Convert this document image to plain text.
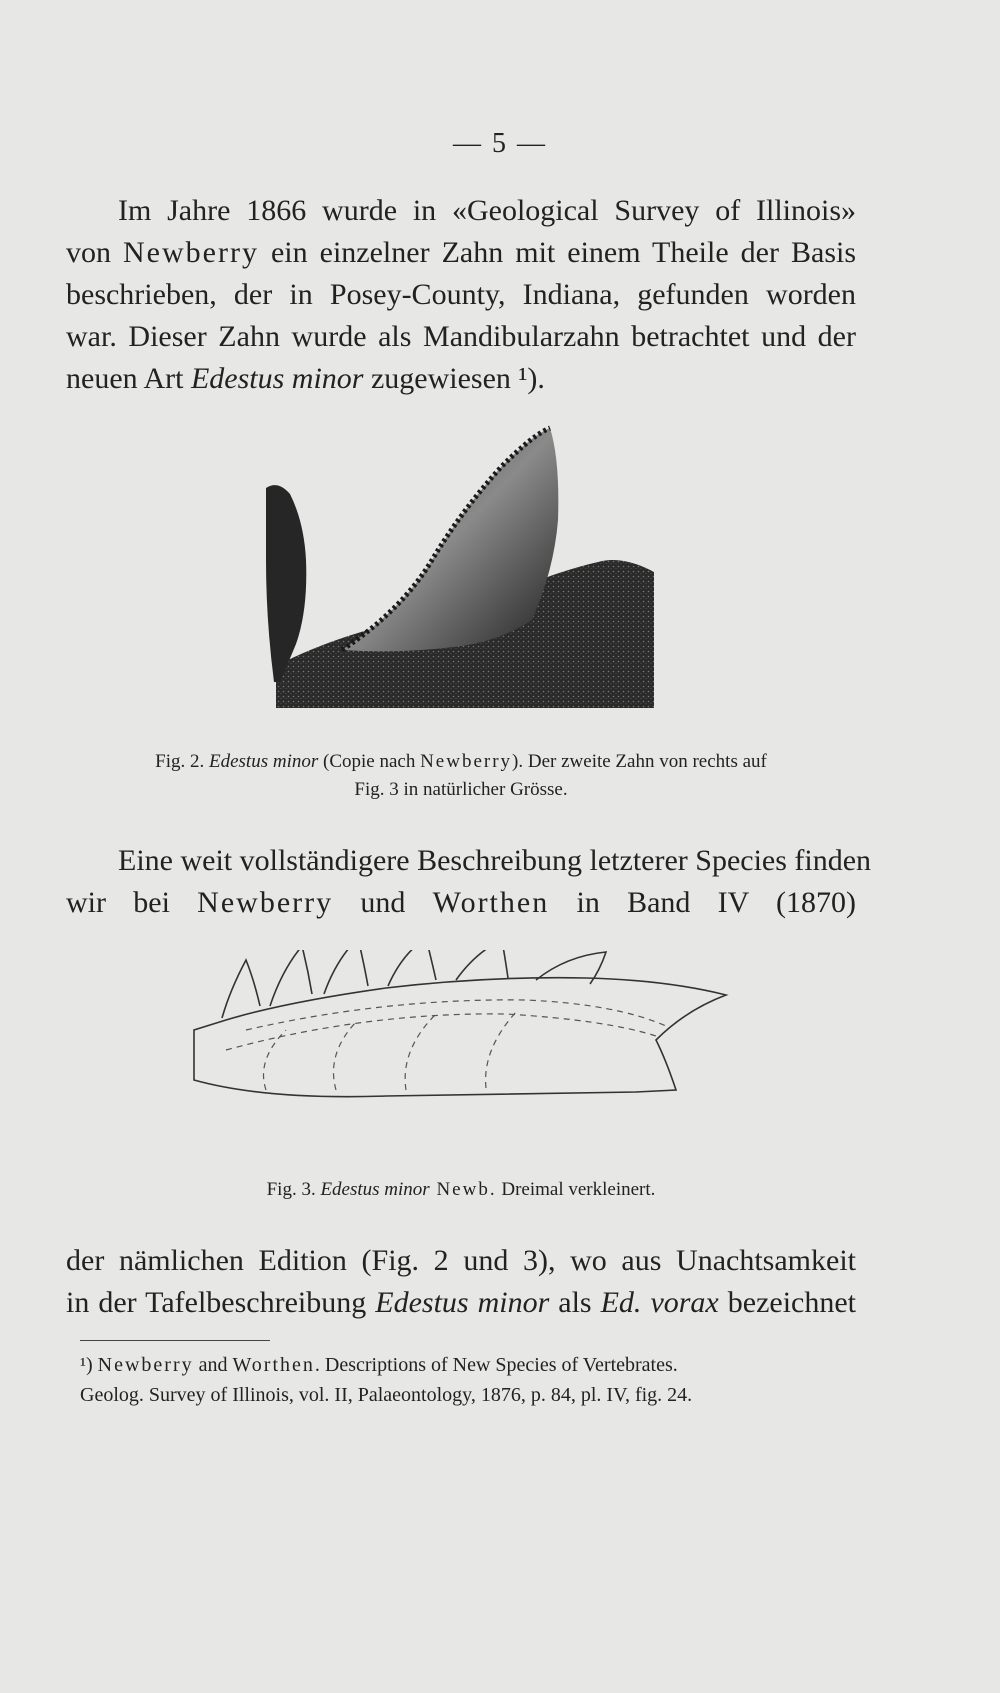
— 5 —
Im Jahre 1866 wurde in «Geological Survey of Illinois»
von Newberry ein einzelner Zahn mit einem Theile der Basis
beschrieben, der in Posey-County, Indiana, gefunden worden
war. Dieser Zahn wurde als Mandibularzahn betrachtet und der
neuen Art Edestus minor zugewiesen ¹).
Fig. 2. Edestus minor (Copie nach Newberry). Der zweite Zahn von rechts auf
Fig. 3 in natürlicher Grösse.
Eine weit vollständigere Beschreibung letzterer Species finden
wir bei Newberry und Worthen in Band IV (1870)
Fig. 3. Edestus minor Newb. Dreimal verkleinert.
der nämlichen Edition (Fig. 2 und 3), wo aus Unachtsamkeit
in der Tafelbeschreibung Edestus minor als Ed. vorax bezeichnet
¹) Newberry and Worthen. Descriptions of New Species of Vertebrates.
Geolog. Survey of Illinois, vol. II, Palaeontology, 1876, p. 84, pl. IV, fig. 24.
